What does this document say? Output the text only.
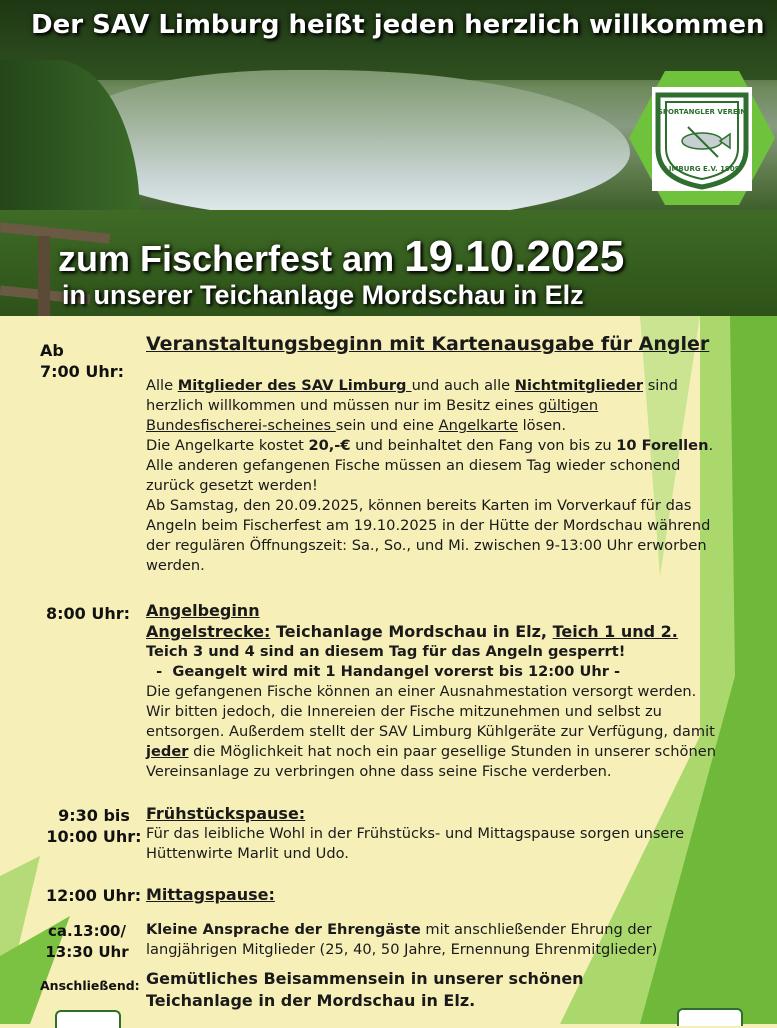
Der SAV Limburg heißt jeden herzlich willkommen
zum Fischerfest am 19.10.2025
in unserer Teichanlage Mordschau in Elz
SPORTANGLER VEREIN
LIMBURG E.V. 1909
Ab
7:00 Uhr:
Veranstaltungsbeginn mit Kartenausgabe für Angler
Alle Mitglieder des SAV Limburg und auch alle Nichtmitglieder sind herzlich willkommen und müssen nur im Besitz eines gültigen Bundesfischerei-scheines sein und eine Angelkarte lösen.
Die Angelkarte kostet 20,-€ und beinhaltet den Fang von bis zu 10 Forellen.
Alle anderen gefangenen Fische müssen an diesem Tag wieder schonend zurück gesetzt werden!
Ab Samstag, den 20.09.2025, können bereits Karten im Vorverkauf für das Angeln beim Fischerfest am 19.10.2025 in der Hütte der Mordschau während der regulären Öffnungszeit: Sa., So., und Mi. zwischen 9-13:00 Uhr erworben werden.
8:00 Uhr: Angelbeginn
Angelstrecke: Teichanlage Mordschau in Elz, Teich 1 und 2.
Teich 3 und 4 sind an diesem Tag für das Angeln gesperrt!
-  Geangelt wird mit 1 Handangel vorerst bis 12:00 Uhr -
Die gefangenen Fische können an einer Ausnahmestation versorgt werden. Wir bitten jedoch, die Innereien der Fische mitzunehmen und selbst zu entsorgen. Außerdem stellt der SAV Limburg Kühlgeräte zur Verfügung, damit jeder die Möglichkeit hat noch ein paar gesellige Stunden in unserer schönen Vereinsanlage zu verbringen ohne dass seine Fische verderben.
9:30 bis
10:00 Uhr:
Frühstückspause:
Für das leibliche Wohl in der Frühstücks- und Mittagspause sorgen unsere Hüttenwirte Marlit und Udo.
12:00 Uhr: Mittagspause:
ca.13:00/
13:30 Uhr
Kleine Ansprache der Ehrengäste mit anschließender Ehrung der langjährigen Mitglieder (25, 40, 50 Jahre, Ernennung Ehrenmitglieder)
Anschließend: Gemütliches Beisammensein in unserer schönen Teichanlage in der Mordschau in Elz.
